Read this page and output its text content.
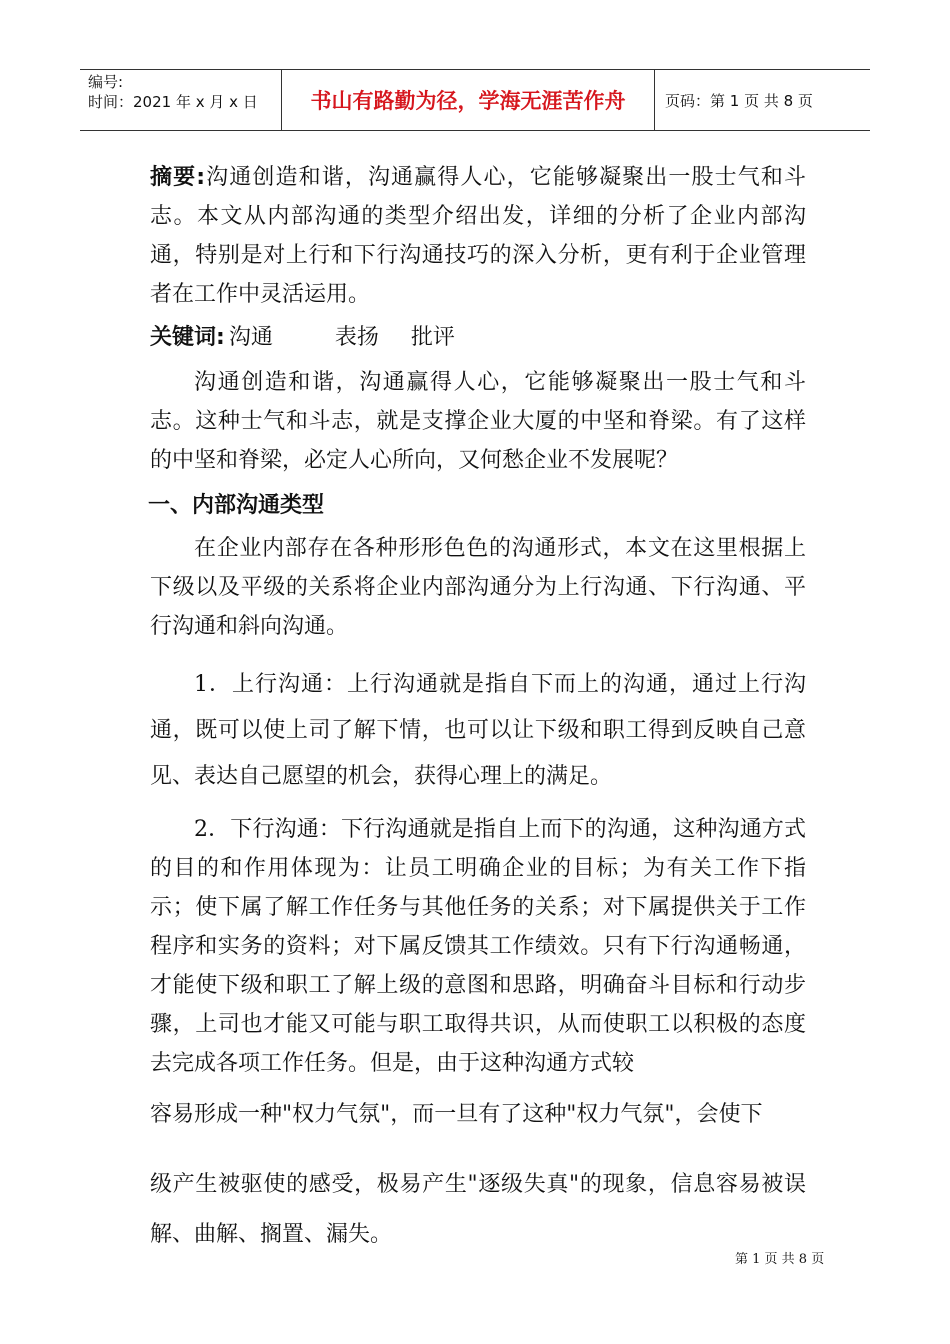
编号:
时间：2021 年 x 月 x 日	书山有路勤为径，学海无涯苦作舟	页码：第 1 页 共 8 页

摘要:沟通创造和谐，沟通赢得人心，它能够凝聚出一股士气和斗志。本文从内部沟通的类型介绍出发，详细的分析了企业内部沟通，特别是对上行和下行沟通技巧的深入分析，更有利于企业管理者在工作中灵活运用。

关键词: 沟通	表扬 批评

沟通创造和谐，沟通赢得人心，它能够凝聚出一股士气和斗志。这种士气和斗志，就是支撑企业大厦的中坚和脊梁。有了这样的中坚和脊梁，必定人心所向，又何愁企业不发展呢？

一、内部沟通类型

在企业内部存在各种形形色色的沟通形式，本文在这里根据上下级以及平级的关系将企业内部沟通分为上行沟通、下行沟通、平行沟通和斜向沟通。

1．上行沟通：上行沟通就是指自下而上的沟通，通过上行沟通，既可以使上司了解下情，也可以让下级和职工得到反映自己意见、表达自己愿望的机会，获得心理上的满足。

2．下行沟通：下行沟通就是指自上而下的沟通，这种沟通方式的目的和作用体现为：让员工明确企业的目标；为有关工作下指示；使下属了解工作任务与其他任务的关系；对下属提供关于工作程序和实务的资料；对下属反馈其工作绩效。只有下行沟通畅通，才能使下级和职工了解上级的意图和思路，明确奋斗目标和行动步骤，上司也才能又可能与职工取得共识，从而使职工以积极的态度去完成各项工作任务。但是，由于这种沟通方式较

容易形成一种"权力气氛"，而一旦有了这种"权力气氛"，会使下

级产生被驱使的感受，极易产生"逐级失真"的现象，信息容易被误解、曲解、搁置、漏失。

第 1 页 共 8 页
